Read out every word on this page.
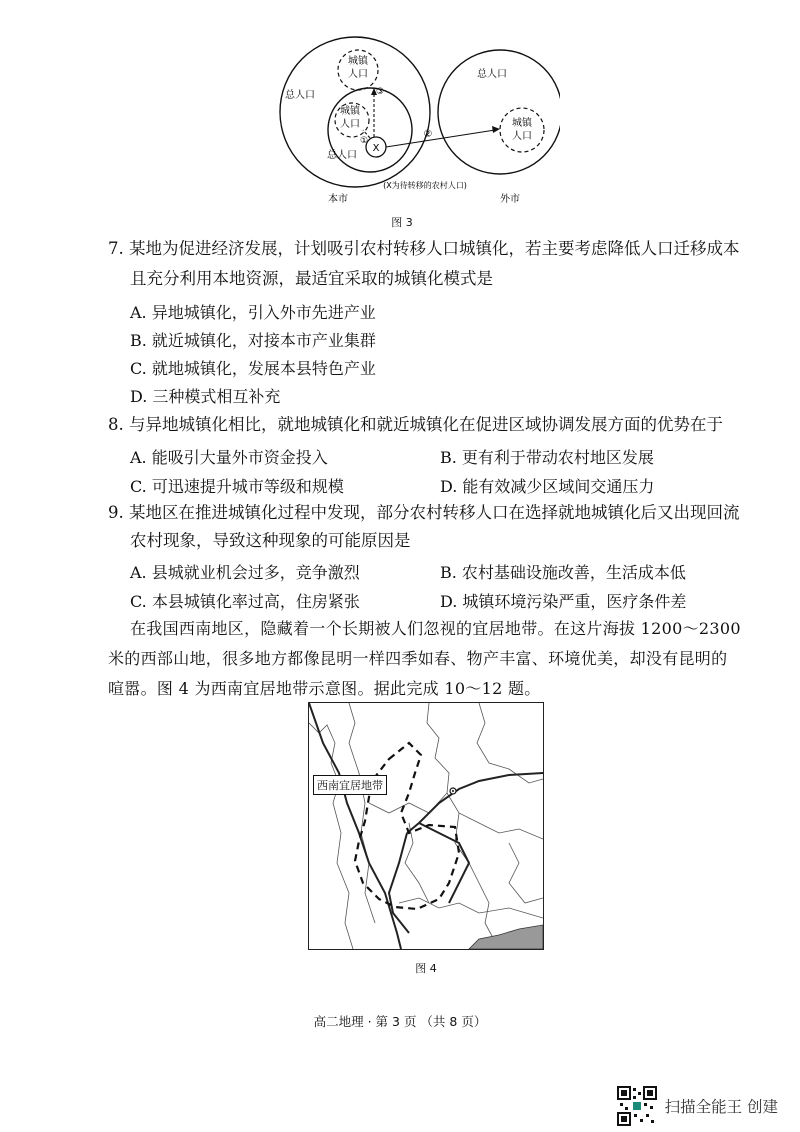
城镇
人口
总人口
城镇
人口
总人口
X
①
③
②
总人口
城镇
人口
(X为待转移的农村人口)
本市	外市
图 3
7. 某地为促进经济发展，计划吸引农村转移人口城镇化，若主要考虑降低人口迁移成本
且充分利用本地资源，最适宜采取的城镇化模式是
A. 异地城镇化，引入外市先进产业
B. 就近城镇化，对接本市产业集群
C. 就地城镇化，发展本县特色产业
D. 三种模式相互补充
8. 与异地城镇化相比，就地城镇化和就近城镇化在促进区域协调发展方面的优势在于
A. 能吸引大量外市资金投入	B. 更有利于带动农村地区发展
C. 可迅速提升城市等级和规模	D. 能有效减少区域间交通压力
9. 某地区在推进城镇化过程中发现，部分农村转移人口在选择就地城镇化后又出现回流
农村现象，导致这种现象的可能原因是
A. 县城就业机会过多，竞争激烈	B. 农村基础设施改善，生活成本低
C. 本县城镇化率过高，住房紧张	D. 城镇环境污染严重，医疗条件差
在我国西南地区，隐藏着一个长期被人们忽视的宜居地带。在这片海拔 1200～2300
米的西部山地，很多地方都像昆明一样四季如春、物产丰富、环境优美，却没有昆明的
喧嚣。图 4 为西南宜居地带示意图。据此完成 10～12 题。
西南宜居地带
图 4
高二地理 · 第 3 页 （共 8 页）
扫描全能王 创建
